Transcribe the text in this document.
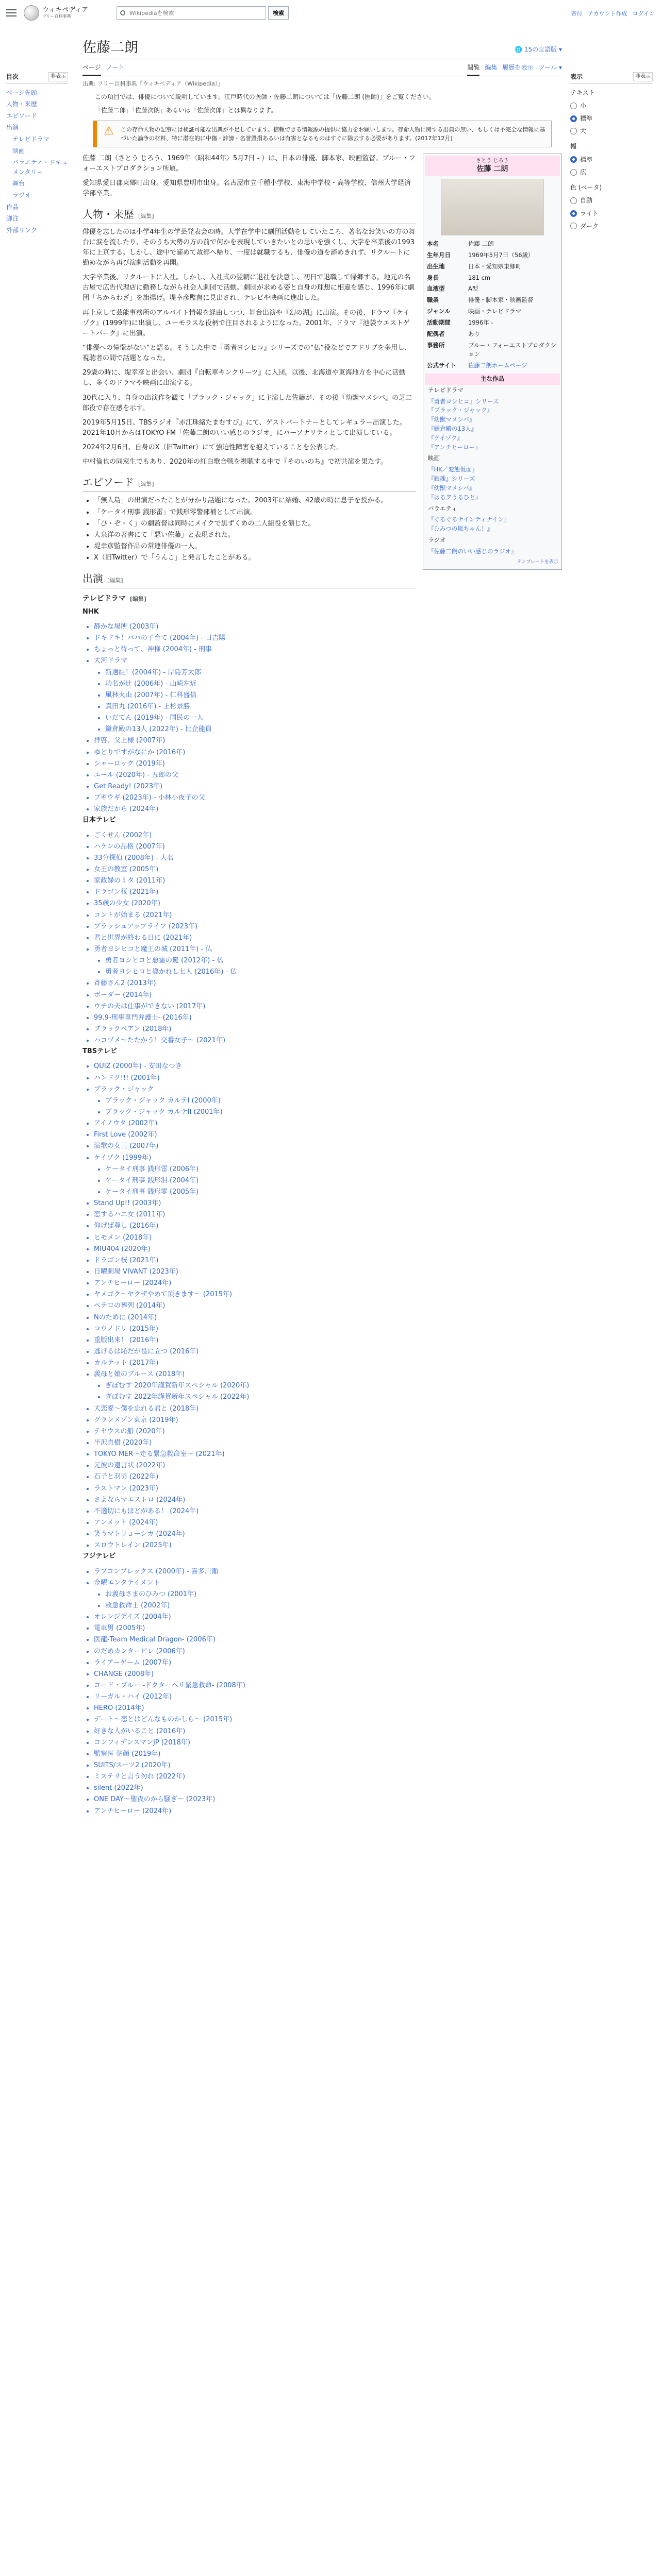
ウィキペディア
フリー百科事典
Wikipediaを検索	検索	寄付 アカウント作成 ログイン
目次	非表示
ページ先頭
人物・来歴
エピソード
出演
テレビドラマ
映画
バラエティ・ドキュメンタリー
舞台
ラジオ
作品
脚注
外部リンク
表示	非表示
テキスト
小
標準
大
幅
標準
広
色 (ベータ)
自動
ライト
ダーク
佐藤二朗	🌐 15の言語版 ▾
ページ ノート	閲覧 編集 履歴を表示 ツール ▾
出典: フリー百科事典『ウィキペディア（Wikipedia）』
この項目では、俳優について説明しています。江戸時代の医師・佐藤二朗については「佐藤二朗 (医師)」をご覧ください。
「佐藤二郎」「佐藤次朗」あるいは「佐藤次郎」とは異なります。
⚠ この存命人物の記事には検証可能な出典が不足しています。信頼できる情報源の提供に協力をお願いします。存命人物に関する出典の無い、もしくは不完全な情報に基づいた論争の材料、特に潜在的に中傷・誹謗・名誉毀損あるいは有害となるものはすぐに除去する必要があります。(2017年12月)

佐藤 二朗（さとう じろう、1969年〈昭和44年〉5月7日 - ）は、日本の俳優、脚本家、映画監督。ブルー・フォーエストプロダクション所属。

愛知県愛日郡東郷町出身。愛知県豊明市出身。名古屋市立千種小学校、東海中学校・高等学校、信州大学経済学部卒業。

人物・来歴 [編集]

俳優を志したのは小学4年生の学芸発表会の時。大学在学中に劇団活動をしていたころ、著名なお笑いの方の舞台に涙を流したり、そのうち大勢の方の前で何かを表現していきたいとの思いを強くし、大学を卒業後の1993年に上京する。しかし、途中で諦めて故郷へ帰り、一度は就職するも、俳優の道を諦めきれず、リクルートに勤めながら再び演劇活動を再開。

大学卒業後、リクルートに入社。しかし、入社式の翌朝に退社を決意し、初日で退職して帰郷する。地元の名古屋で広告代理店に勤務しながら社会人劇団で活動。劇団が求める姿と自身の理想に相違を感じ、1996年に劇団「ちからわざ」を旗揚げ。堤幸彦監督に見出され、テレビや映画に進出した。

再上京して芸能事務所のアルバイト情報を経由しつつ、舞台出演や『幻の湖』に出演。その後、ドラマ『ケイゾク』(1999年)に出演し、ユーモラスな役柄で注目されるようになった。2001年、ドラマ『池袋ウエストゲートパーク』に出演。

“俳優への憧憬がない”と語る。そうした中で『勇者ヨシヒコ』シリーズでの“仏”役などでアドリブを多用し、視聴者の間で話題となった。

29歳の時に、堤幸彦と出会い、劇団『自転車キンクリーツ』に入団。以後、北海道や東海地方を中心に活動し、多くのドラマや映画に出演する。

30代に入り、自身の出演作を観て「ブラック・ジャック」に主演した佐藤が、その後『幼獣マメシバ』の芝二郎役で存在感を示す。

2019年5月15日、TBSラジオ『赤江珠緒たまむすび』にて、ゲストパートナーとしてレギュラー出演した。2021年10月からはTOKYO FM「佐藤二朗のいい感じのラジオ」にパーソナリティとして出演している。

2024年2月6日、自身のX（旧Twitter）にて強迫性障害を抱えていることを公表した。

中村倫也の同窓生でもあり、2020年の紅白歌合戦を視聴する中で『そのいのち』で初共演を果たす。

エピソード [編集]
• 「無人島」の出演だったことが分かり話題になった。2003年に結婚、42歳の時に息子を授かる。
• 「ケータイ刑事 銭形雷」で銭形零警部補として出演。
• 「ひ・ぞ・く」の劇監督は同時にメイクで黒ずくめの二人組役を演じた。
• 大泉洋の著書にて「悪い佐藤」と表現された。
• 堤幸彦監督作品の常連俳優の一人。
• X（旧Twitter）で「うんこ」と発言したことがある。
出演 [編集]
テレビドラマ [編集]

NHK

• 静かな場所 (2003年)
• ドキドキ！パパの子育て (2004年) - 日吉陽
• ちょっと待って、神様 (2004年) - 刑事
• 大河ドラマ
• 新選組！(2004年) - 岸島芳太郎
• 功名が辻 (2006年) - 山崎左近
• 風林火山 (2007年) - 仁科盛信
• 真田丸 (2016年) - 上杉景勝
• いだてん (2019年) - 国民の一人
• 鎌倉殿の13人 (2022年) - 比企能員
• 拝啓、父上様 (2007年)
• ゆとりですがなにか (2016年)
• シャーロック (2019年)
• エール (2020年) - 五郎の父
• Get Ready! (2023年)
• ブギウギ (2023年) - 小林小夜子の父
• 家族だから (2024年)

日本テレビ

• ごくせん (2002年)
• ハケンの品格 (2007年)
• 33分探偵 (2008年) - 大名
• 女王の教室 (2005年)
• 家政婦のミタ (2011年)
• ドラゴン桜 (2021年)
• 35歳の少女 (2020年)
• コントが始まる (2021年)
• ブラッシュアップライフ (2023年)
• 君と世界が終わる日に (2021年)
• 勇者ヨシヒコと魔王の城 (2011年) - 仏
• 勇者ヨシヒコと悪霊の鍵 (2012年) - 仏
• 勇者ヨシヒコと導かれし七人 (2016年) - 仏
• 斉藤さん2 (2013年)
• ボーダー (2014年)
• ウチの夫は仕事ができない (2017年)
• 99.9-刑事専門弁護士- (2016年)
• ブラックペアン (2018年)
• ハコヅメ〜たたかう！交番女子〜 (2021年)

TBSテレビ

• QUIZ (2000年) - 安田なつき
• ハンドク!!! (2001年)
• ブラック・ジャック
• ブラック・ジャック カルテI (2000年)
• ブラック・ジャック カルテII (2001年)
• アイノウタ (2002年)
• First Love (2002年)
• 演歌の女王 (2007年)
• ケイゾク (1999年)
• ケータイ刑事 銭形雷 (2006年)
• ケータイ刑事 銭形泪 (2004年)
• ケータイ刑事 銭形零 (2005年)
• Stand Up!! (2003年)
• 恋するハエ女 (2011年)
• 仰げば尊し (2016年)
• ヒモメン (2018年)
• MIU404 (2020年)
• ドラゴン桜 (2021年)
• 日曜劇場 VIVANT (2023年)
• アンチヒーロー (2024年)
• ヤメゴク〜ヤクザやめて頂きます〜 (2015年)
• ペテロの葬列 (2014年)
• Nのために (2014年)
• コウノドリ (2015年)
• 重版出来！ (2016年)
• 逃げるは恥だが役に立つ (2016年)
• カルテット (2017年)
• 義母と娘のブルース (2018年)
• ぎぼむす 2020年謹賀新年スペシャル (2020年)
• ぎぼむす 2022年謹賀新年スペシャル (2022年)
• 大恋愛〜僕を忘れる君と (2018年)
• グランメゾン東京 (2019年)
• テセウスの船 (2020年)
• 半沢直樹 (2020年)
• TOKYO MER〜走る緊急救命室〜 (2021年)
• 元彼の遺言状 (2022年)
• 石子と羽男 (2022年)
• ラストマン (2023年)
• さよならマエストロ (2024年)
• 不適切にもほどがある！ (2024年)
• アンメット (2024年)
• 笑うマトリョーシカ (2024年)
• スロウトレイン (2025年)

フジテレビ

• ラブコンプレックス (2000年) - 喜多川瀬
• 金曜エンタテイメント
• お義母さまのひみつ (2001年)
• 救急救命士 (2002年)
• オレンジデイズ (2004年)
• 電車男 (2005年)
• 医龍-Team Medical Dragon- (2006年)
• のだめカンタービレ (2006年)
• ライアーゲーム (2007年)
• CHANGE (2008年)
• コード・ブルー -ドクターヘリ緊急救命- (2008年)
• リーガル・ハイ (2012年)
• HERO (2014年)
• デート〜恋とはどんなものかしら〜 (2015年)
• 好きな人がいること (2016年)
• コンフィデンスマンJP (2018年)
• 監察医 朝顔 (2019年)
• SUITS/スーツ2 (2020年)
• ミステリと言う勿れ (2022年)
• silent (2022年)
• ONE DAY〜聖夜のから騒ぎ〜 (2023年)
• アンチヒーロー (2024年)
さとう じろう
佐藤 二朗
本名	佐藤 二朗
生年月日	1969年5月7日（56歳）
出生地	日本・愛知県東郷町
身長	181 cm
血液型	A型
職業	俳優・脚本家・映画監督
ジャンル	映画・テレビドラマ
活動期間	1996年 -
配偶者	あり
事務所	ブルー・フォーエストプロダクション
公式サイト	佐藤二朗ホームページ
主な作品
テレビドラマ
『勇者ヨシヒコ』シリーズ
『ブラック・ジャック』
『幼獣マメシバ』
『鎌倉殿の13人』
『ケイゾク』
『アンチヒーロー』
映画
『HK／変態仮面』
『銀魂』シリーズ
『幼獣マメシバ』
『はるヲうるひと』
バラエティ
『ぐるぐるナインティナイン』
『ひみつの嵐ちゃん！』
ラジオ
『佐藤二朗のいい感じのラジオ』
テンプレートを表示
